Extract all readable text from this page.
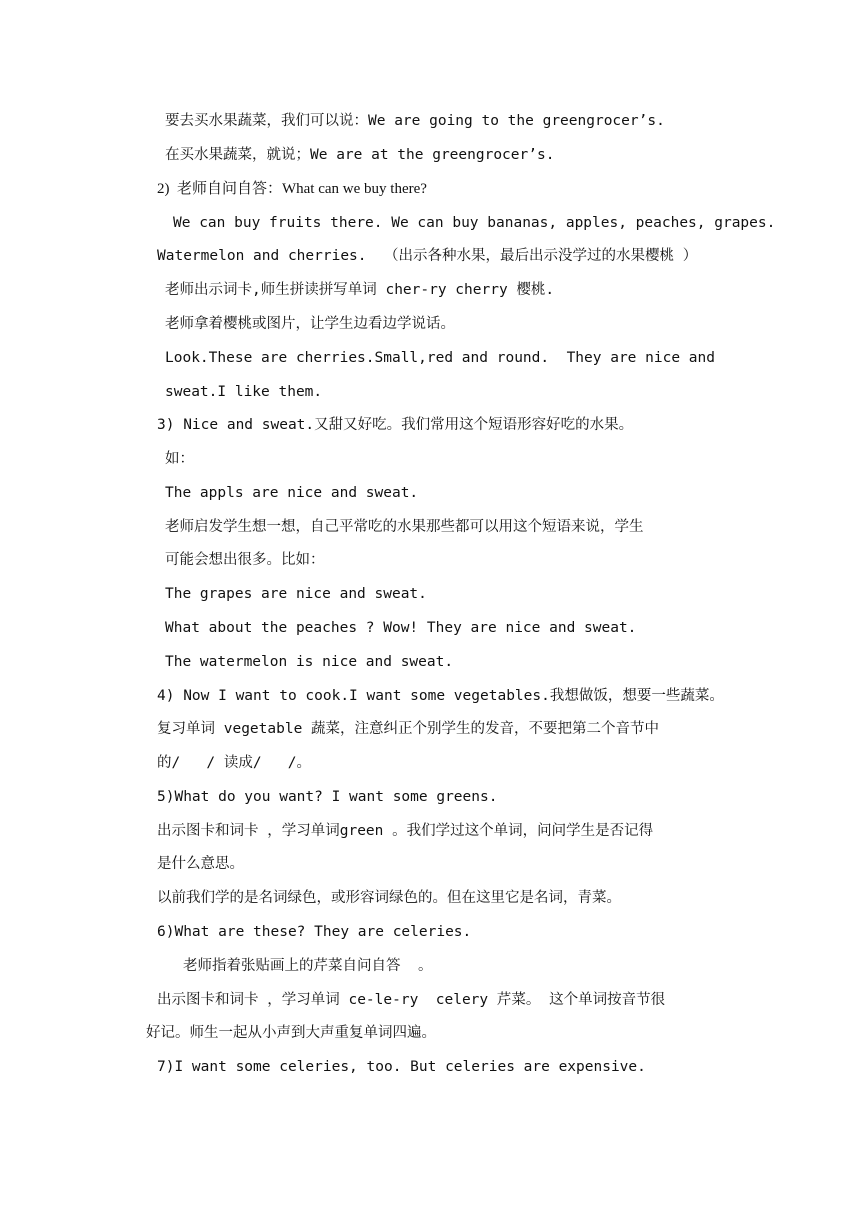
要去买水果蔬菜，我们可以说：We are going to the greengrocer’s.
在买水果蔬菜，就说；We are at the greengrocer’s.
2)  老师自问自答：What can we buy there?
We can buy fruits there. We can buy bananas, apples, peaches, grapes.
Watermelon and cherries.  （出示各种水果，最后出示没学过的水果樱桃 ）
老师出示词卡,师生拼读拼写单词 cher-ry cherry 樱桃.
老师拿着樱桃或图片，让学生边看边学说话。
Look.These are cherries.Small,red and round.  They are nice and
sweat.I like them.
3) Nice and sweat.又甜又好吃。我们常用这个短语形容好吃的水果。
如：
The appls are nice and sweat.
老师启发学生想一想，自己平常吃的水果那些都可以用这个短语来说，学生
可能会想出很多。比如：
The grapes are nice and sweat.
What about the peaches ? Wow! They are nice and sweat.
The watermelon is nice and sweat.
4) Now I want to cook.I want some vegetables.我想做饭，想要一些蔬菜。
复习单词 vegetable 蔬菜，注意纠正个别学生的发音，不要把第二个音节中
的/   / 读成/   /。
5)What do you want? I want some greens.
出示图卡和词卡 ，学习单词green 。我们学过这个单词，问问学生是否记得
是什么意思。
以前我们学的是名词绿色，或形容词绿色的。但在这里它是名词，青菜。
6)What are these? They are celeries.
老师指着张贴画上的芹菜自问自答  。
出示图卡和词卡 ，学习单词 ce-le-ry  celery 芹菜。 这个单词按音节很
好记。师生一起从小声到大声重复单词四遍。
7)I want some celeries, too. But celeries are expensive.
